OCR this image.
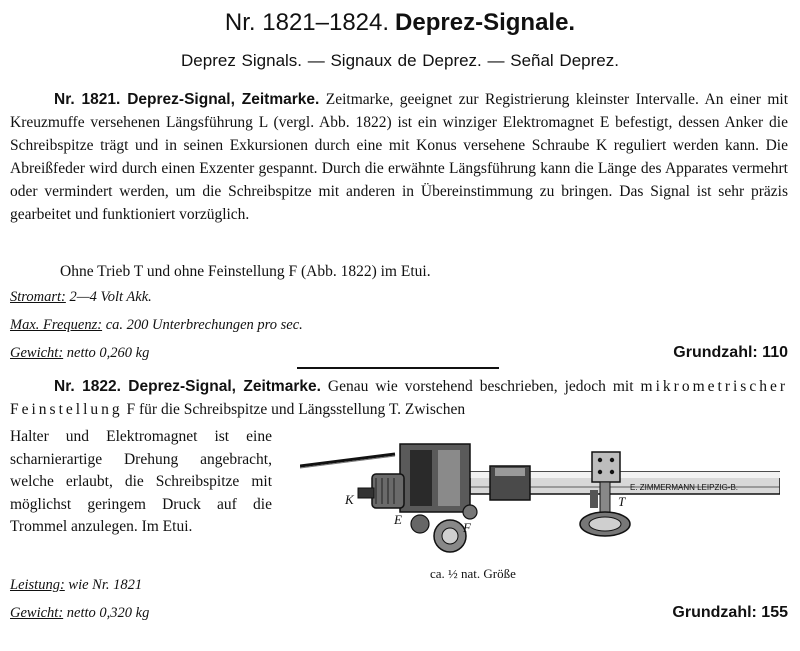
Nr. 1821–1824. Deprez-Signale.
Deprez Signals. — Signaux de Deprez. — Señal Deprez.
Nr. 1821. Deprez-Signal, Zeitmarke. Zeitmarke, geeignet zur Registrierung kleinster Intervalle. An einer mit Kreuzmuffe versehenen Längsführung L (vergl. Abb. 1822) ist ein winziger Elektromagnet E befestigt, dessen Anker die Schreibspitze trägt und in seinen Exkursionen durch eine mit Konus versehene Schraube K reguliert werden kann. Die Abreißfeder wird durch einen Exzenter gespannt. Durch die erwähnte Längsführung kann die Länge des Apparates vermehrt oder vermindert werden, um die Schreibspitze mit anderen in Übereinstimmung zu bringen. Das Signal ist sehr präzis gearbeitet und funktioniert vorzüglich.
Ohne Trieb T und ohne Feinstellung F (Abb. 1822) im Etui.
Stromart: 2—4 Volt Akk.
Max. Frequenz: ca. 200 Unterbrechungen pro sec.
Gewicht: netto 0,260 kg	Grundzahl: 110
Nr. 1822. Deprez-Signal, Zeitmarke. Genau wie vorstehend beschrieben, jedoch mit mikrometrischer Feinstellung F für die Schreibspitze und Längsstellung T. Zwischen
Halter und Elektromagnet ist eine scharnierartige Drehung angebracht, welche erlaubt, die Schreibspitze mit möglichst geringem Druck auf die Trommel anzulegen. Im Etui.
Leistung: wie Nr. 1821
Gewicht: netto 0,320 kg	Grundzahl: 155
E. ZIMMERMANN LEIPZIG-B.
K
E
F
T
ca. ½ nat. Größe
